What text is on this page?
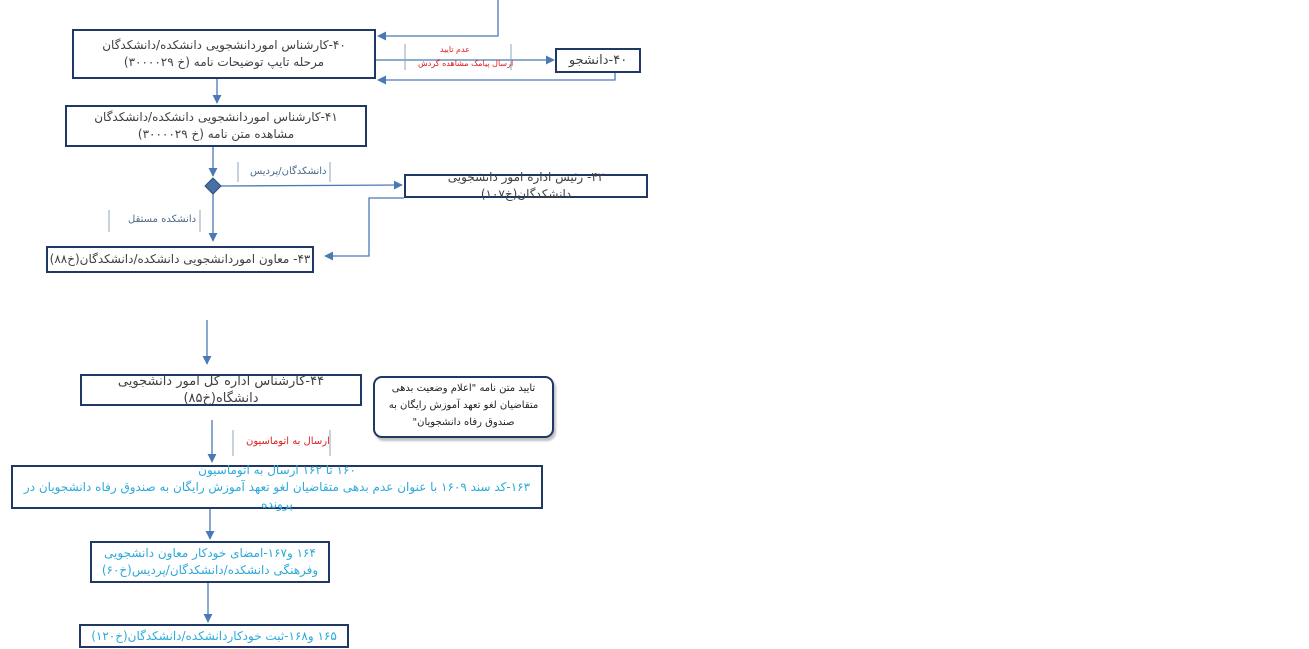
۴۰-کارشناس اموردانشجویی دانشکده/دانشکدگان
مرحله تایپ توضیحات نامه (خ ۳۰۰۰۰۲۹)	۴۰-دانشجو
۴۱-کارشناس اموردانشجویی دانشکده/دانشکدگان
مشاهده متن نامه (خ ۳۰۰۰۰۲۹)
۴۲- رئیس اداره امور دانشجویی دانشکدگان(خ۱۰۷)
۴۳- معاون اموردانشجویی دانشکده/دانشکدگان(خ۸۸)
۴۴-کارشناس اداره کل امور دانشجویی دانشگاه(خ۸۵)
تایید متن نامه "اعلام وضعیت بدهی
متقاضیان لغو تعهد آموزش رایگان به
صندوق رفاه دانشجویان"
۱۶۰ تا ۱۶۲ ارسال به اتوماسیون
۱۶۳-کد سند ۱۶۰۹ با عنوان عدم بدهی متقاضیان لغو تعهد آموزش رایگان به صندوق رفاه دانشجویان در پرونده
۱۶۴ و۱۶۷-امضای خودکار معاون دانشجویی
وفرهنگی دانشکده/دانشکدگان/پردیس(خ۶۰)
۱۶۵ و۱۶۸-ثبت خودکاردانشکده/دانشکدگان(خ۱۲۰)
عدم تایید
ارسال پیامک مشاهده گردش
دانشکدگان/پردیس
دانشکده مستقل
ارسال به اتوماسیون
